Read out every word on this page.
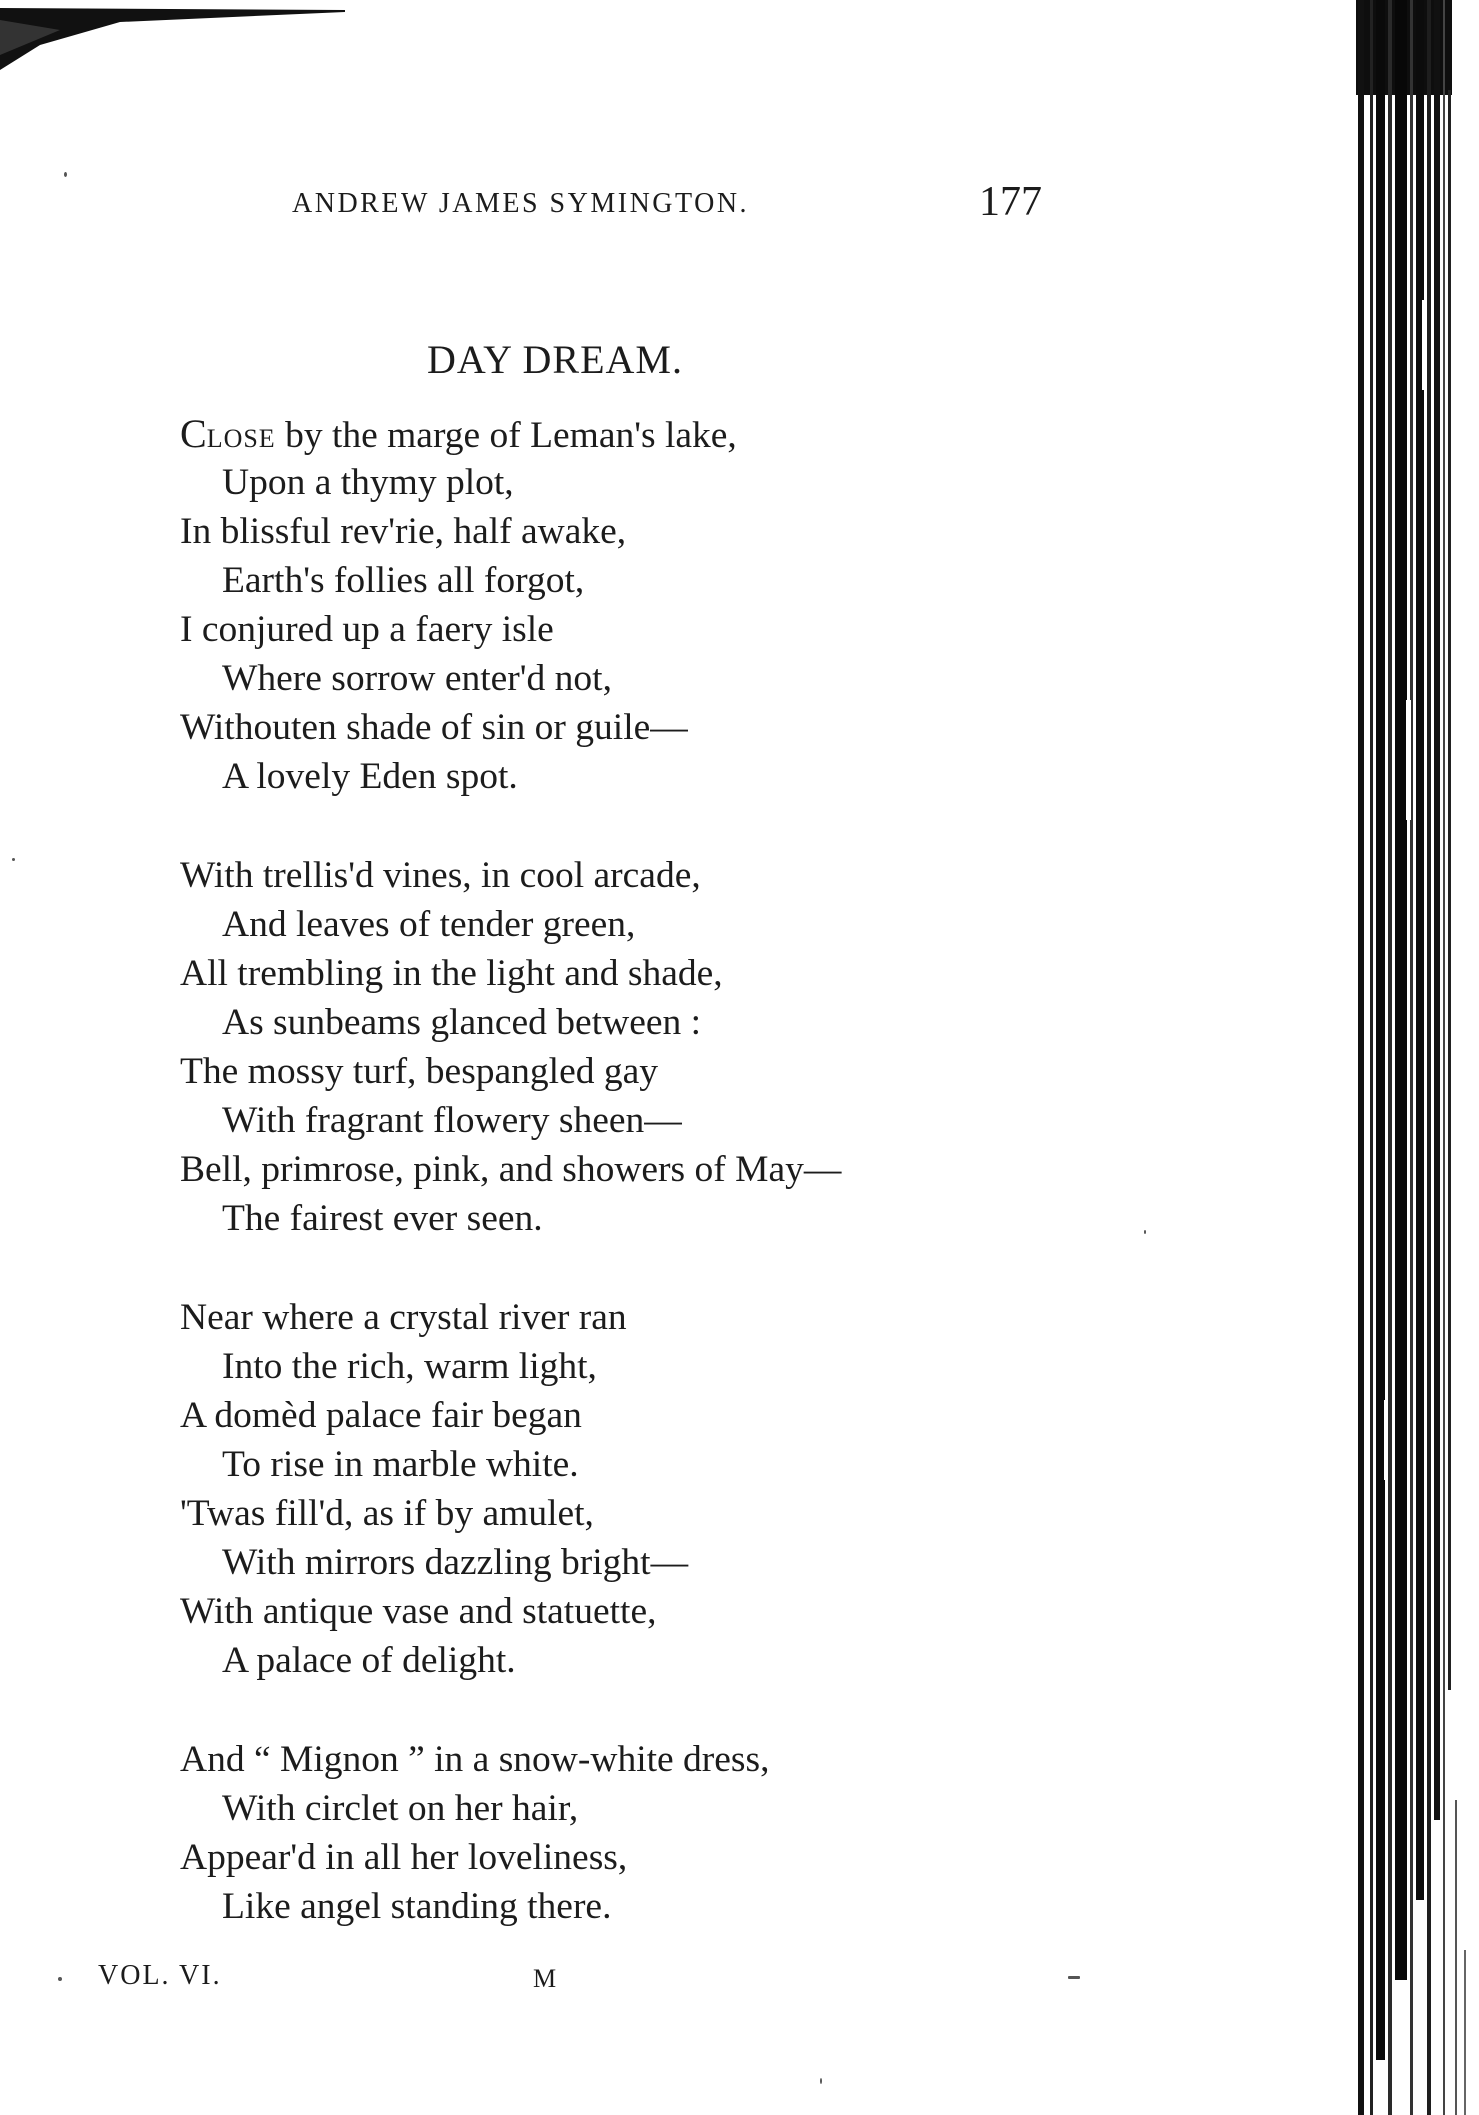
ANDREW JAMES SYMINGTON.	177
DAY DREAM.
Close by the marge of Leman's lake,
Upon a thymy plot,
In blissful rev'rie, half awake,
Earth's follies all forgot,
I conjured up a faery isle
Where sorrow enter'd not,
Withouten shade of sin or guile—
A lovely Eden spot.
With trellis'd vines, in cool arcade,
And leaves of tender green,
All trembling in the light and shade,
As sunbeams glanced between :
The mossy turf, bespangled gay
With fragrant flowery sheen—
Bell, primrose, pink, and showers of May—
The fairest ever seen.
Near where a crystal river ran
Into the rich, warm light,
A domèd palace fair began
To rise in marble white.
'Twas fill'd, as if by amulet,
With mirrors dazzling bright—
With antique vase and statuette,
A palace of delight.
And “ Mignon ” in a snow-white dress,
With circlet on her hair,
Appear'd in all her loveliness,
Like angel standing there.
VOL. VI.	M
